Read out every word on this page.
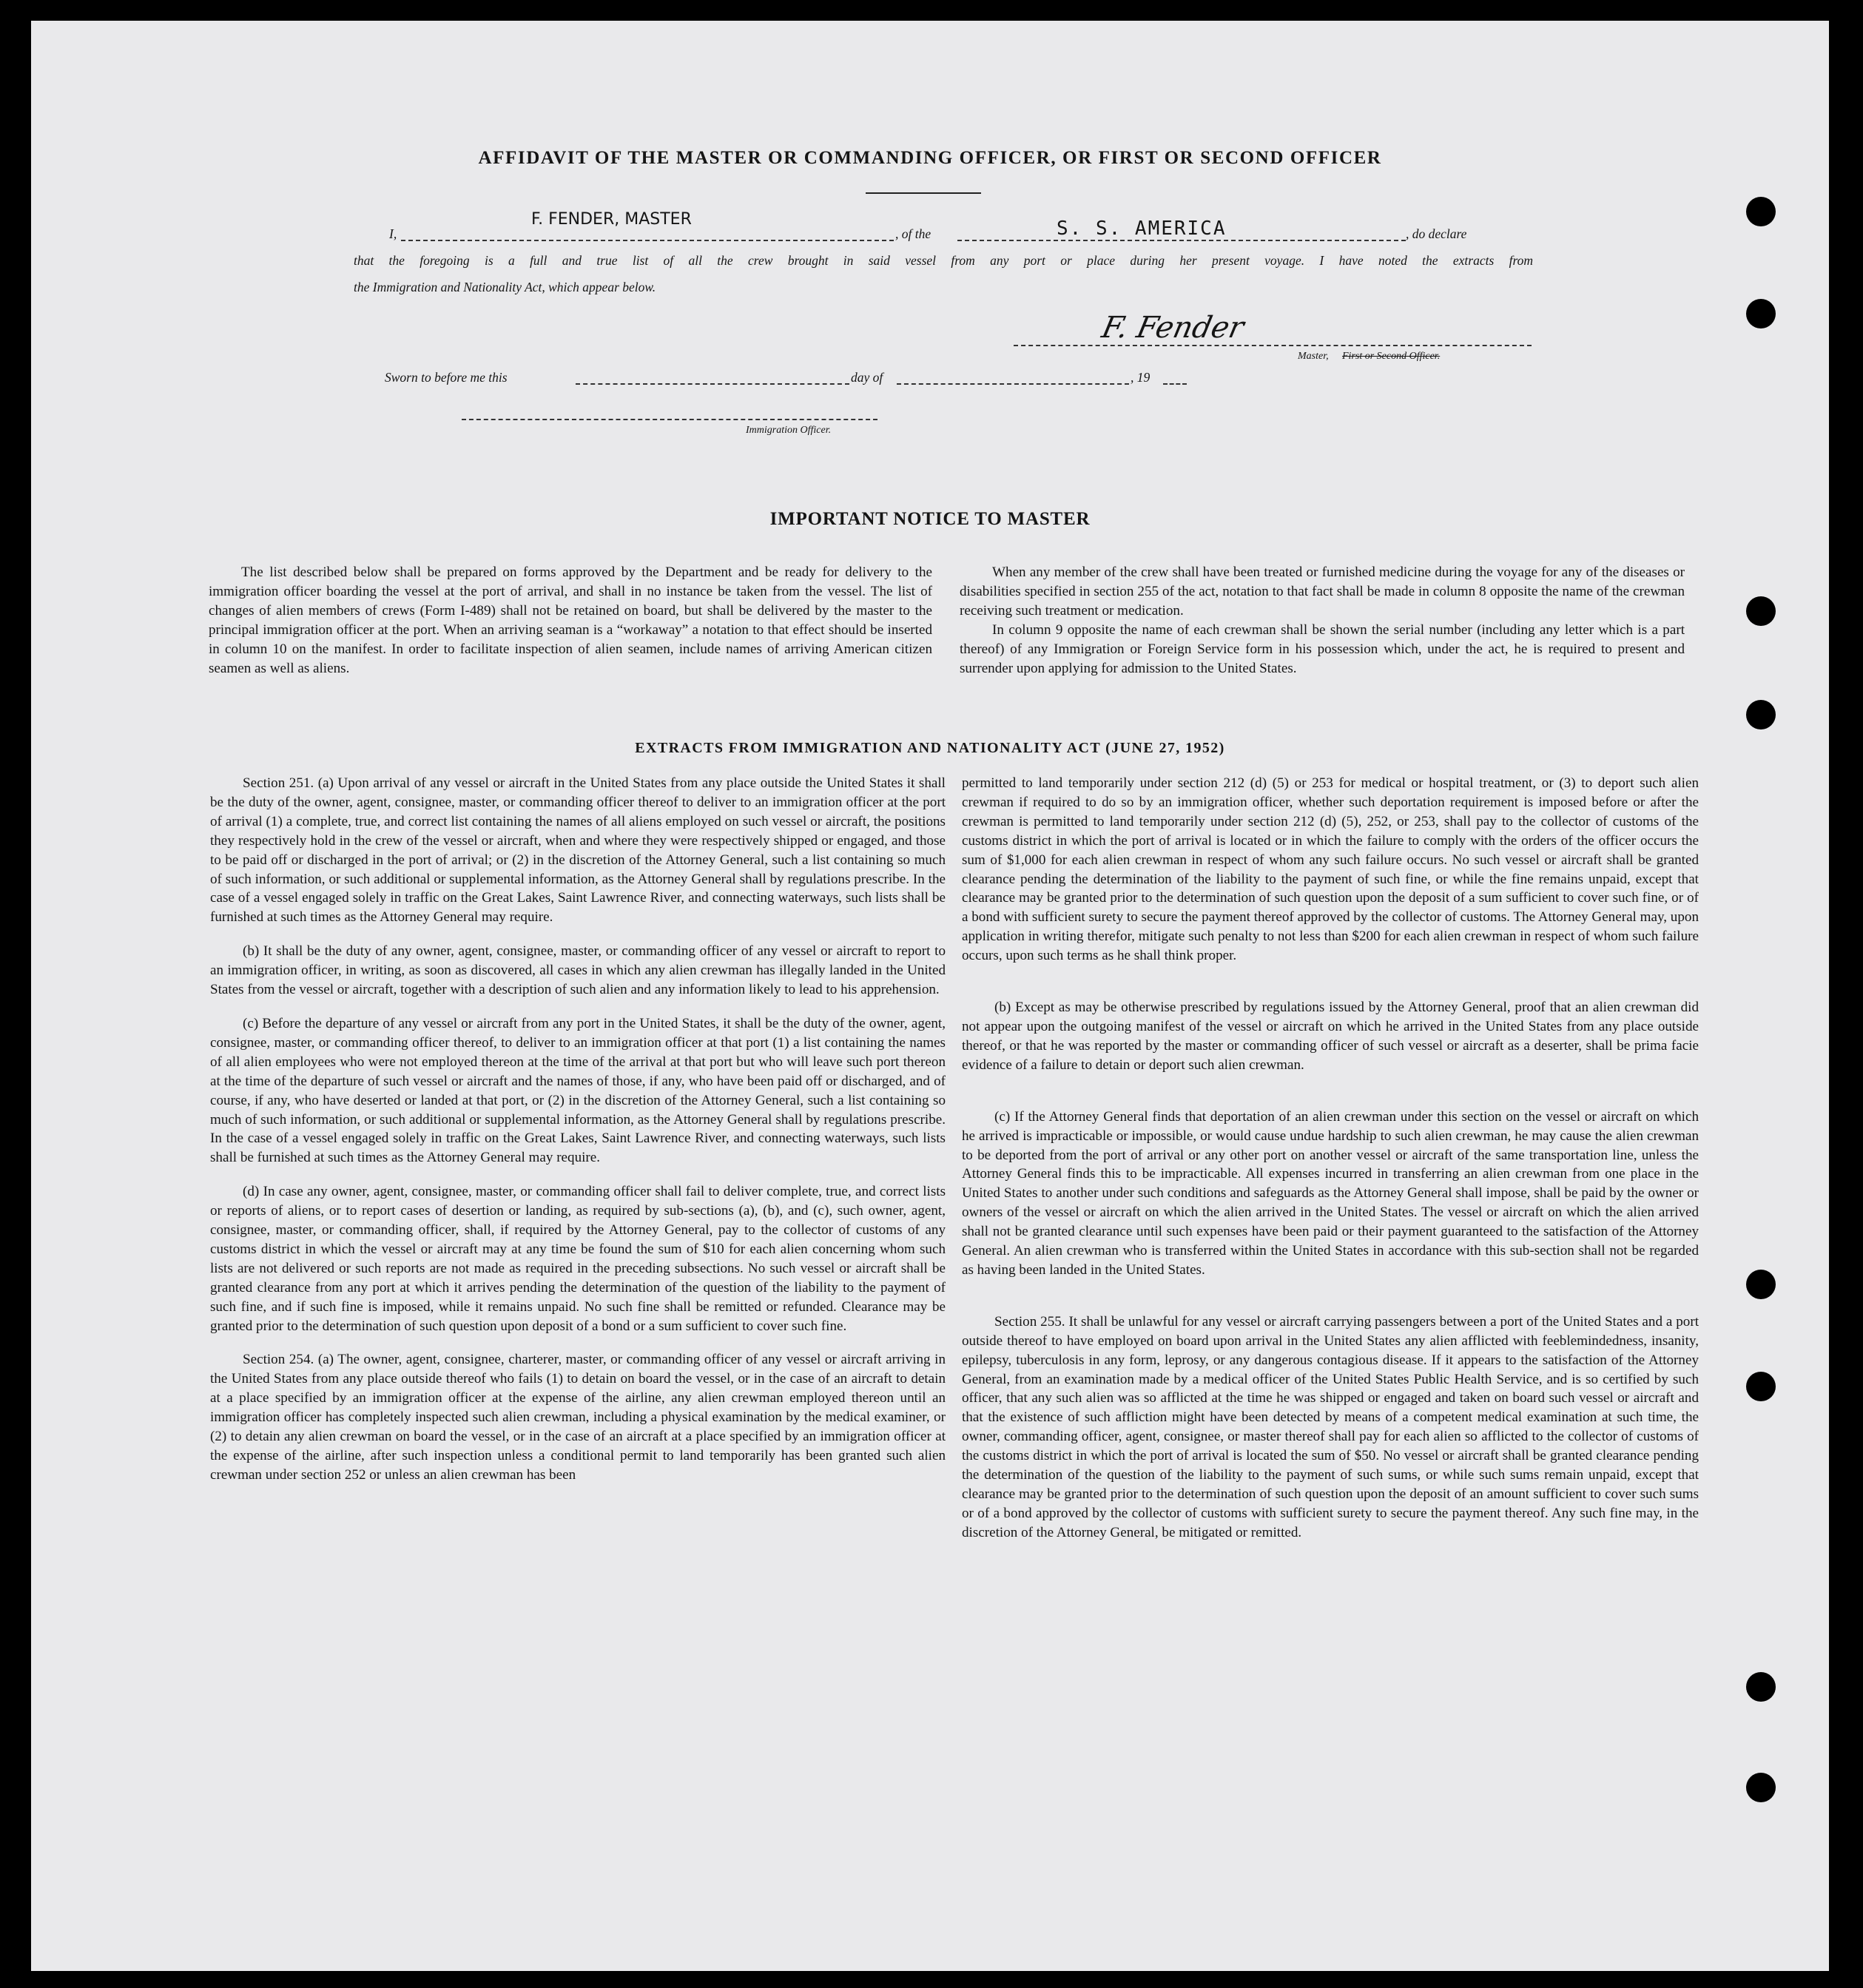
AFFIDAVIT OF THE MASTER OR COMMANDING OFFICER, OR FIRST OR SECOND OFFICER
I,
F. FENDER, MASTER
, of the	S. S. AMERICA	, do declare
that the foregoing is a full and true list of all the crew brought in said vessel from any port or place during her present voyage. I have noted the extracts from
the Immigration and Nationality Act, which appear below.
F. Fender
Master, First or Second Officer.
Sworn to before me this	day of	, 19
Immigration Officer.
IMPORTANT NOTICE TO MASTER

The list described below shall be prepared on forms approved by the Department and be ready for delivery to the immigration officer boarding the vessel at the port of arrival, and shall in no instance be taken from the vessel. The list of changes of alien members of crews (Form I-489) shall not be retained on board, but shall be delivered by the master to the principal immigration officer at the port. When an arriving seaman is a “workaway” a notation to that effect should be inserted in column 10 on the manifest. In order to facilitate inspection of alien seamen, include names of arriving American citizen seamen as well as aliens.

When any member of the crew shall have been treated or furnished medicine during the voyage for any of the diseases or disabilities specified in section 255 of the act, notation to that fact shall be made in column 8 opposite the name of the crewman receiving such treatment or medication.

In column 9 opposite the name of each crewman shall be shown the serial number (including any letter which is a part thereof) of any Immigration or Foreign Service form in his possession which, under the act, he is required to present and surrender upon applying for admission to the United States.

EXTRACTS FROM IMMIGRATION AND NATIONALITY ACT (JUNE 27, 1952)

Section 251. (a) Upon arrival of any vessel or aircraft in the United States from any place outside the United States it shall be the duty of the owner, agent, consignee, master, or commanding officer thereof to deliver to an immigration officer at the port of arrival (1) a complete, true, and correct list containing the names of all aliens employed on such vessel or aircraft, the positions they respectively hold in the crew of the vessel or aircraft, when and where they were respectively shipped or engaged, and those to be paid off or discharged in the port of arrival; or (2) in the discretion of the Attorney General, such a list containing so much of such information, or such additional or supplemental information, as the Attorney General shall by regulations prescribe. In the case of a vessel engaged solely in traffic on the Great Lakes, Saint Lawrence River, and connecting waterways, such lists shall be furnished at such times as the Attorney General may require.

(b) It shall be the duty of any owner, agent, consignee, master, or commanding officer of any vessel or aircraft to report to an immigration officer, in writing, as soon as discovered, all cases in which any alien crewman has illegally landed in the United States from the vessel or aircraft, together with a description of such alien and any information likely to lead to his apprehension.

(c) Before the departure of any vessel or aircraft from any port in the United States, it shall be the duty of the owner, agent, consignee, master, or commanding officer thereof, to deliver to an immigration officer at that port (1) a list containing the names of all alien employees who were not employed thereon at the time of the arrival at that port but who will leave such port thereon at the time of the departure of such vessel or aircraft and the names of those, if any, who have been paid off or discharged, and of course, if any, who have deserted or landed at that port, or (2) in the discretion of the Attorney General, such a list containing so much of such information, or such additional or supplemental information, as the Attorney General shall by regulations prescribe. In the case of a vessel engaged solely in traffic on the Great Lakes, Saint Lawrence River, and connecting waterways, such lists shall be furnished at such times as the Attorney General may require.

(d) In case any owner, agent, consignee, master, or commanding officer shall fail to deliver complete, true, and correct lists or reports of aliens, or to report cases of desertion or landing, as required by sub-sections (a), (b), and (c), such owner, agent, consignee, master, or commanding officer, shall, if required by the Attorney General, pay to the collector of customs of any customs district in which the vessel or aircraft may at any time be found the sum of $10 for each alien concerning whom such lists are not delivered or such reports are not made as required in the preceding subsections. No such vessel or aircraft shall be granted clearance from any port at which it arrives pending the determination of the question of the liability to the payment of such fine, and if such fine is imposed, while it remains unpaid. No such fine shall be remitted or refunded. Clearance may be granted prior to the determination of such question upon deposit of a bond or a sum sufficient to cover such fine.

Section 254. (a) The owner, agent, consignee, charterer, master, or commanding officer of any vessel or aircraft arriving in the United States from any place outside thereof who fails (1) to detain on board the vessel, or in the case of an aircraft to detain at a place specified by an immigration officer at the expense of the airline, any alien crewman employed thereon until an immigration officer has completely inspected such alien crewman, including a physical examination by the medical examiner, or (2) to detain any alien crewman on board the vessel, or in the case of an aircraft at a place specified by an immigration officer at the expense of the airline, after such inspection unless a conditional permit to land temporarily has been granted such alien crewman under section 252 or unless an alien crewman has been

permitted to land temporarily under section 212 (d) (5) or 253 for medical or hospital treatment, or (3) to deport such alien crewman if required to do so by an immigration officer, whether such deportation requirement is imposed before or after the crewman is permitted to land temporarily under section 212 (d) (5), 252, or 253, shall pay to the collector of customs of the customs district in which the port of arrival is located or in which the failure to comply with the orders of the officer occurs the sum of $1,000 for each alien crewman in respect of whom any such failure occurs. No such vessel or aircraft shall be granted clearance pending the determination of the liability to the payment of such fine, or while the fine remains unpaid, except that clearance may be granted prior to the determination of such question upon the deposit of a sum sufficient to cover such fine, or of a bond with sufficient surety to secure the payment thereof approved by the collector of customs. The Attorney General may, upon application in writing therefor, mitigate such penalty to not less than $200 for each alien crewman in respect of whom such failure occurs, upon such terms as he shall think proper.

(b) Except as may be otherwise prescribed by regulations issued by the Attorney General, proof that an alien crewman did not appear upon the outgoing manifest of the vessel or aircraft on which he arrived in the United States from any place outside thereof, or that he was reported by the master or commanding officer of such vessel or aircraft as a deserter, shall be prima facie evidence of a failure to detain or deport such alien crewman.

(c) If the Attorney General finds that deportation of an alien crewman under this section on the vessel or aircraft on which he arrived is impracticable or impossible, or would cause undue hardship to such alien crewman, he may cause the alien crewman to be deported from the port of arrival or any other port on another vessel or aircraft of the same transportation line, unless the Attorney General finds this to be impracticable. All expenses incurred in transferring an alien crewman from one place in the United States to another under such conditions and safeguards as the Attorney General shall impose, shall be paid by the owner or owners of the vessel or aircraft on which the alien arrived in the United States. The vessel or aircraft on which the alien arrived shall not be granted clearance until such expenses have been paid or their payment guaranteed to the satisfaction of the Attorney General. An alien crewman who is transferred within the United States in accordance with this sub-section shall not be regarded as having been landed in the United States.

Section 255. It shall be unlawful for any vessel or aircraft carrying passengers between a port of the United States and a port outside thereof to have employed on board upon arrival in the United States any alien afflicted with feeblemindedness, insanity, epilepsy, tuberculosis in any form, leprosy, or any dangerous contagious disease. If it appears to the satisfaction of the Attorney General, from an examination made by a medical officer of the United States Public Health Service, and is so certified by such officer, that any such alien was so afflicted at the time he was shipped or engaged and taken on board such vessel or aircraft and that the existence of such affliction might have been detected by means of a competent medical examination at such time, the owner, commanding officer, agent, consignee, or master thereof shall pay for each alien so afflicted to the collector of customs of the customs district in which the port of arrival is located the sum of $50. No vessel or aircraft shall be granted clearance pending the determination of the question of the liability to the payment of such sums, or while such sums remain unpaid, except that clearance may be granted prior to the determination of such question upon the deposit of an amount sufficient to cover such sums or of a bond approved by the collector of customs with sufficient surety to secure the payment thereof. Any such fine may, in the discretion of the Attorney General, be mitigated or remitted.
